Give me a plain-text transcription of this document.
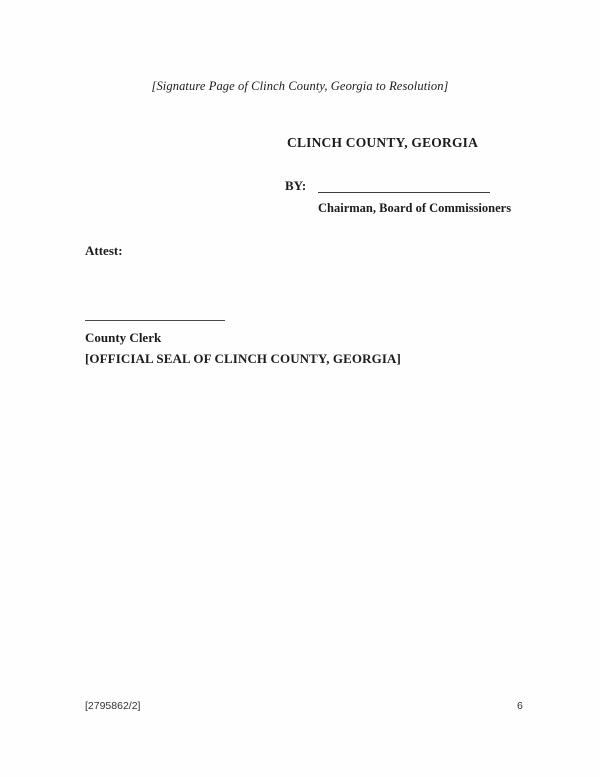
[Signature Page of Clinch County, Georgia to Resolution]
CLINCH COUNTY, GEORGIA
BY:
Chairman, Board of Commissioners
Attest:
County Clerk
[OFFICIAL SEAL OF CLINCH COUNTY, GEORGIA]
[2795862/2]	6
